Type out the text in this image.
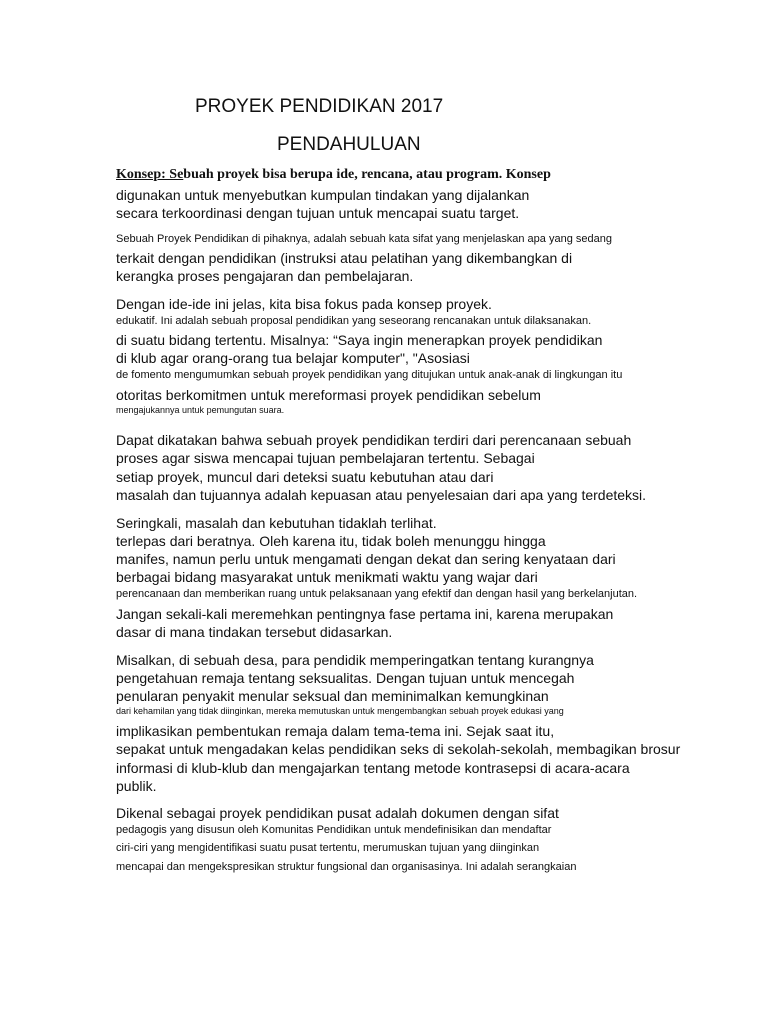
PROYEK PENDIDIKAN 2017
PENDAHULUAN
Konsep: Sebuah proyek bisa berupa ide, rencana, atau program. Konsep
digunakan untuk menyebutkan kumpulan tindakan yang dijalankan
secara terkoordinasi dengan tujuan untuk mencapai suatu target.
Sebuah Proyek Pendidikan di pihaknya, adalah sebuah kata sifat yang menjelaskan apa yang sedang
terkait dengan pendidikan (instruksi atau pelatihan yang dikembangkan di
kerangka proses pengajaran dan pembelajaran.
Dengan ide-ide ini jelas, kita bisa fokus pada konsep proyek.
edukatif. Ini adalah sebuah proposal pendidikan yang seseorang rencanakan untuk dilaksanakan.
di suatu bidang tertentu. Misalnya: “Saya ingin menerapkan proyek pendidikan
di klub agar orang-orang tua belajar komputer", "Asosiasi
de fomento mengumumkan sebuah proyek pendidikan yang ditujukan untuk anak-anak di lingkungan itu
otoritas berkomitmen untuk mereformasi proyek pendidikan sebelum
mengajukannya untuk pemungutan suara.
Dapat dikatakan bahwa sebuah proyek pendidikan terdiri dari perencanaan sebuah
proses agar siswa mencapai tujuan pembelajaran tertentu. Sebagai
setiap proyek, muncul dari deteksi suatu kebutuhan atau dari
masalah dan tujuannya adalah kepuasan atau penyelesaian dari apa yang terdeteksi.
Seringkali, masalah dan kebutuhan tidaklah terlihat.
terlepas dari beratnya. Oleh karena itu, tidak boleh menunggu hingga
manifes, namun perlu untuk mengamati dengan dekat dan sering kenyataan dari
berbagai bidang masyarakat untuk menikmati waktu yang wajar dari
perencanaan dan memberikan ruang untuk pelaksanaan yang efektif dan dengan hasil yang berkelanjutan.
Jangan sekali-kali meremehkan pentingnya fase pertama ini, karena merupakan
dasar di mana tindakan tersebut didasarkan.
Misalkan, di sebuah desa, para pendidik memperingatkan tentang kurangnya
pengetahuan remaja tentang seksualitas. Dengan tujuan untuk mencegah
penularan penyakit menular seksual dan meminimalkan kemungkinan
dari kehamilan yang tidak diinginkan, mereka memutuskan untuk mengembangkan sebuah proyek edukasi yang
implikasikan pembentukan remaja dalam tema-tema ini. Sejak saat itu,
sepakat untuk mengadakan kelas pendidikan seks di sekolah-sekolah, membagikan brosur
informasi di klub-klub dan mengajarkan tentang metode kontrasepsi di acara-acara
publik.
Dikenal sebagai proyek pendidikan pusat adalah dokumen dengan sifat
pedagogis yang disusun oleh Komunitas Pendidikan untuk mendefinisikan dan mendaftar
ciri-ciri yang mengidentifikasi suatu pusat tertentu, merumuskan tujuan yang diinginkan
mencapai dan mengekspresikan struktur fungsional dan organisasinya. Ini adalah serangkaian
